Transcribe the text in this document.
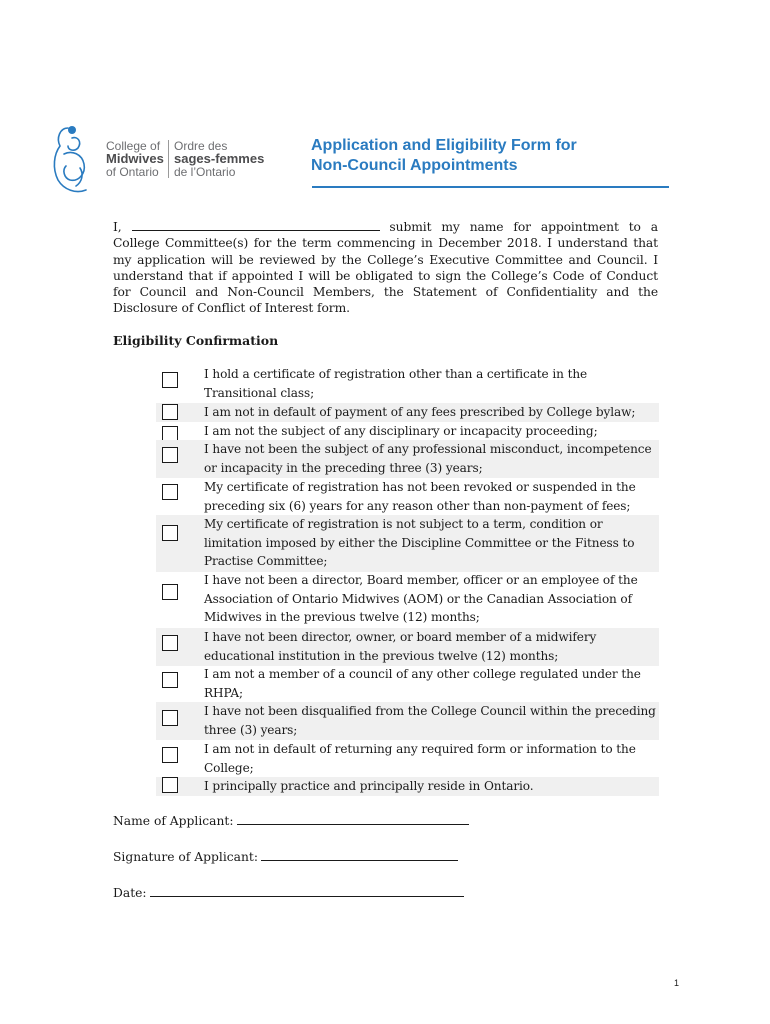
College of
Midwives
of Ontario
Ordre des
sages-femmes
de l’Ontario
Application and Eligibility Form for
Non-Council Appointments
I,	submit my name for appointment to a College Committee(s) for the term commencing in December 2018. I understand that my application will be reviewed by the College’s Executive Committee and Council. I understand that if appointed I will be obligated to sign the College’s Code of Conduct for Council and Non-Council Members, the Statement of Confidentiality and the Disclosure of Conflict of Interest form.
Eligibility Confirmation
I hold a certificate of registration other than a certificate in the Transitional class;
I am not in default of payment of any fees prescribed by College bylaw;
I am not the subject of any disciplinary or incapacity proceeding;
I have not been the subject of any professional misconduct, incompetence or incapacity in the preceding three (3) years;
My certificate of registration has not been revoked or suspended in the preceding six (6) years for any reason other than non-payment of fees;
My certificate of registration is not subject to a term, condition or limitation imposed by either the Discipline Committee or the Fitness to Practise Committee;
I have not been a director, Board member, officer or an employee of the Association of Ontario Midwives (AOM) or the Canadian Association of Midwives in the previous twelve (12) months;
I have not been director, owner, or board member of a midwifery educational institution in the previous twelve (12) months;
I am not a member of a council of any other college regulated under the RHPA;
I have not been disqualified from the College Council within the preceding three (3) years;
I am not in default of returning any required form or information to the College;
I principally practice and principally reside in Ontario.
Name of Applicant:
Signature of Applicant:
Date:
1
